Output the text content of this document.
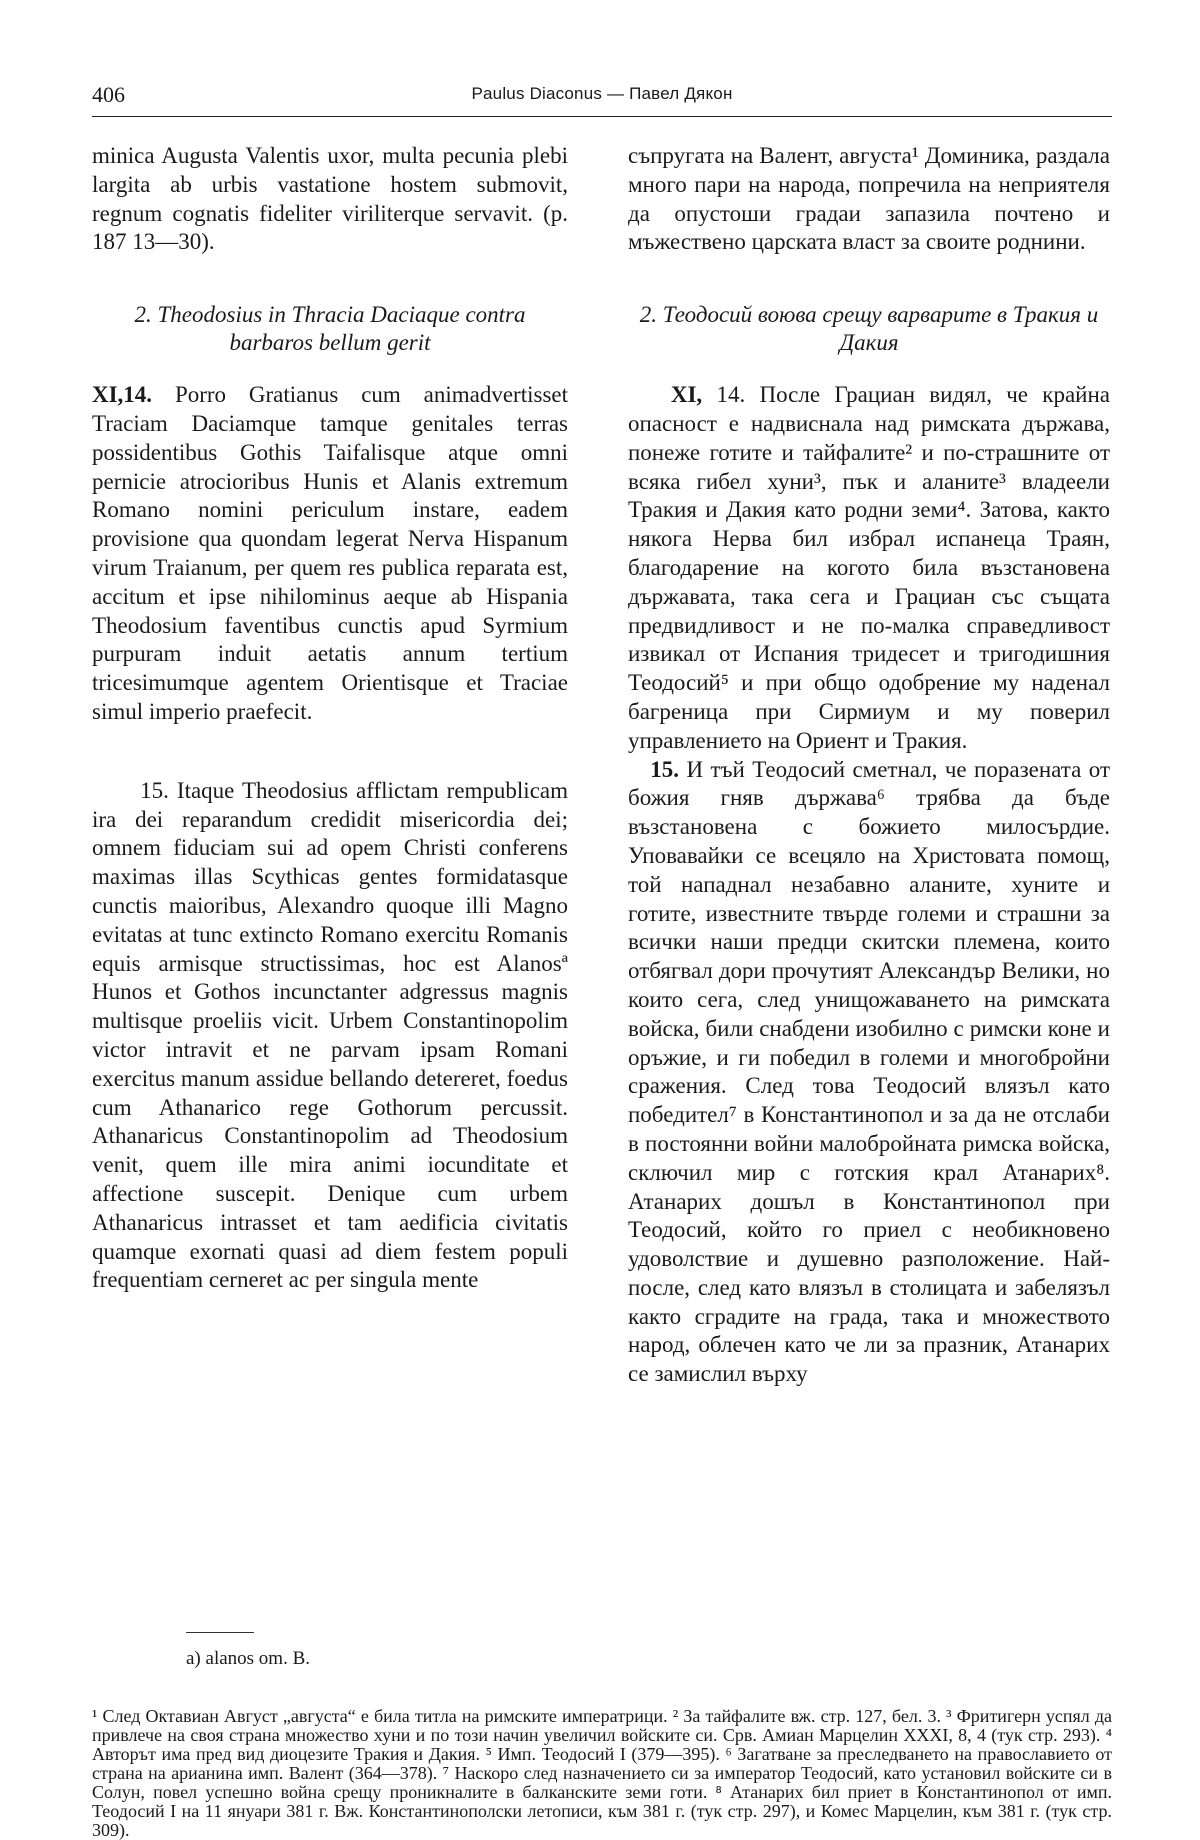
406	Paulus Diaconus — Павел Дякон

minica Augusta Valentis uxor, multa pecunia plebi largita ab urbis vastatione hostem submovit, regnum cognatis fideliter viriliterque servavit. (p. 187 13—30).

2. Theodosius in Thracia Daciaque contra barbaros bellum gerit

XI,14. Porro Gratianus cum animadvertisset Traciam Daciamque tamque genitales terras possidentibus Gothis Taifalisque atque omni pernicie atrocioribus Hunis et Alanis extremum Romano nomini periculum instare, eadem provisione qua quondam legerat Nerva Hispanum virum Traianum, per quem res publica reparata est, accitum et ipse nihilominus aeque ab Hispania Theodosium faventibus cunctis apud Syrmium purpuram induit aetatis annum tertium tricesimumque agentem Orientisque et Traciae simul imperio praefecit.

15. Itaque Theodosius afflictam rempublicam ira dei reparandum credidit misericordia dei; omnem fiduciam sui ad opem Christi conferens maximas illas Scythicas gentes formidatasque cunctis maioribus, Alexandro quoque illi Magno evitatas at tunc extincto Romano exercitu Romanis equis armisque structissimas, hoc est Alanosª Hunos et Gothos incunctanter adgressus magnis multisque proeliis vicit. Urbem Constantinopolim victor intravit et ne parvam ipsam Romani exercitus manum assidue bellando detereret, foedus cum Athanarico rege Gothorum percussit. Athanaricus Constantinopolim ad Theodosium venit, quem ille mira animi iocunditate et affectione suscepit. Denique cum urbem Athanaricus intrasset et tam aedificia civitatis quamque exornati quasi ad diem festem populi frequentiam cerneret ac per singula mente

съпругата на Валент, августа¹ Доминика, раздала много пари на народа, попречила на неприятеля да опустоши градаи запазила почтено и мъжествено царската власт за своите роднини.

2. Теодосий воюва срещу варварите в Тракия и Дакия

XI, 14. После Грациан видял, че крайна опасност е надвиснала над римската държава, понеже готите и тайфалите² и по-страшните от всяка гибел хуни³, пък и аланите³ владеели Тракия и Дакия като родни земи⁴. Затова, както някога Нерва бил избрал испанеца Траян, благодарение на когото била възстановена държавата, така сега и Грациан със същата предвидливост и не по-малка справедливост извикал от Испания тридесет и тригодишния Теодосий⁵ и при общо одобрение му наденал багреница при Сирмиум и му поверил управлението на Ориент и Тракия.

15. И тъй Теодосий сметнал, че поразената от божия гняв държава⁶ трябва да бъде възстановена с божието милосърдие. Уповавайки се всецяло на Христовата помощ, той нападнал незабавно аланите, хуните и готите, известните твърде големи и страшни за всички наши предци скитски племена, които отбягвал дори прочутият Александър Велики, но които сега, след унищожаването на римската войска, били снабдени изобилно с римски коне и оръжие, и ги победил в големи и многобройни сражения. След това Теодосий влязъл като победител⁷ в Константинопол и за да не отслаби в постоянни войни малобройната римска войска, сключил мир с готския крал Атанарих⁸. Атанарих дошъл в Константинопол при Теодосий, който го приел с необикновено удоволствие и душевно разположение. Най-после, след като влязъл в столицата и забелязъл както сградите на града, така и множеството народ, облечен като че ли за празник, Атанарих се замислил върху

a) alanos om. B.

¹ След Октавиан Август „августа“ е била титла на римските императрици. ² За тайфалите вж. стр. 127, бел. 3. ³ Фритигерн успял да привлече на своя страна множество хуни и по този начин увеличил войските си. Срв. Амиан Марцелин XXXI, 8, 4 (тук стр. 293). ⁴ Авторът има пред вид диоцезите Тракия и Дакия. ⁵ Имп. Теодосий I (379—395). ⁶ Загатване за преследването на православието от страна на арианина имп. Валент (364—378). ⁷ Наскоро след назначението си за император Теодосий, като установил войските си в Солун, повел успешно война срещу проникналите в балканските земи готи. ⁸ Атанарих бил приет в Константинопол от имп. Теодосий I на 11 януари 381 г. Вж. Константинополски летописи, към 381 г. (тук стр. 297), и Комес Марцелин, към 381 г. (тук стр. 309).
